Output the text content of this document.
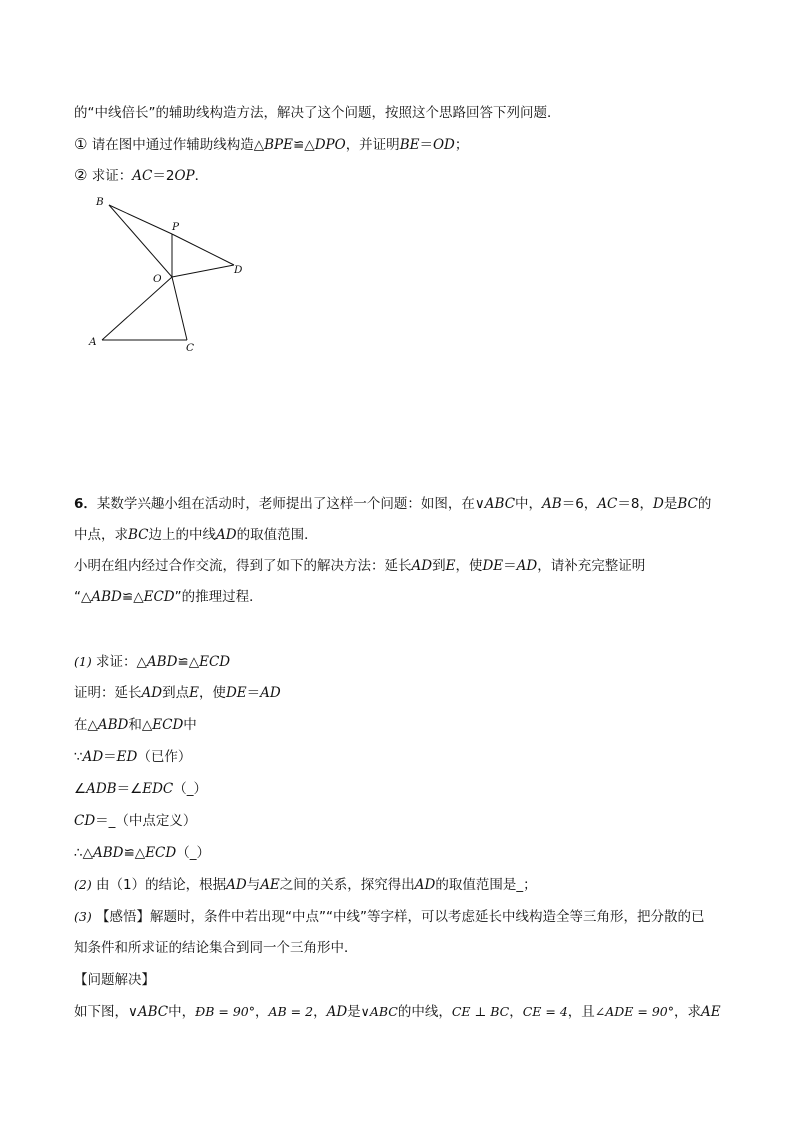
的“中线倍长”的辅助线构造方法，解决了这个问题，按照这个思路回答下列问题．
① 请在图中通过作辅助线构造△BPE≌△DPO，并证明BE＝OD；
② 求证：AC＝2OP．
B
P
D
O
A	C
6．某数学兴趣小组在活动时，老师提出了这样一个问题：如图，在∨ABC中，AB＝6，AC＝8，D是BC的
中点，求BC边上的中线AD的取值范围．
小明在组内经过合作交流，得到了如下的解决方法：延长AD到E，使DE＝AD，请补充完整证明
“△ABD≌△ECD”的推理过程．
(1) 求证：△ABD≌△ECD
证明：延长AD到点E，使DE＝AD
在△ABD和△ECD中
∵AD＝ED（已作）
∠ADB＝∠EDC（_）
CD＝_（中点定义）
∴△ABD≌△ECD（_）
(2) 由（1）的结论，根据AD与AE之间的关系，探究得出AD的取值范围是_；
(3) 【感悟】解题时，条件中若出现“中点”“中线”等字样，可以考虑延长中线构造全等三角形，把分散的已
知条件和所求证的结论集合到同一个三角形中．
【问题解决】
如下图，∨ABC中，ÐB = 90°，AB = 2，AD是∨ABC的中线，CE ⊥ BC，CE = 4，且∠ADE = 90°，求AE
